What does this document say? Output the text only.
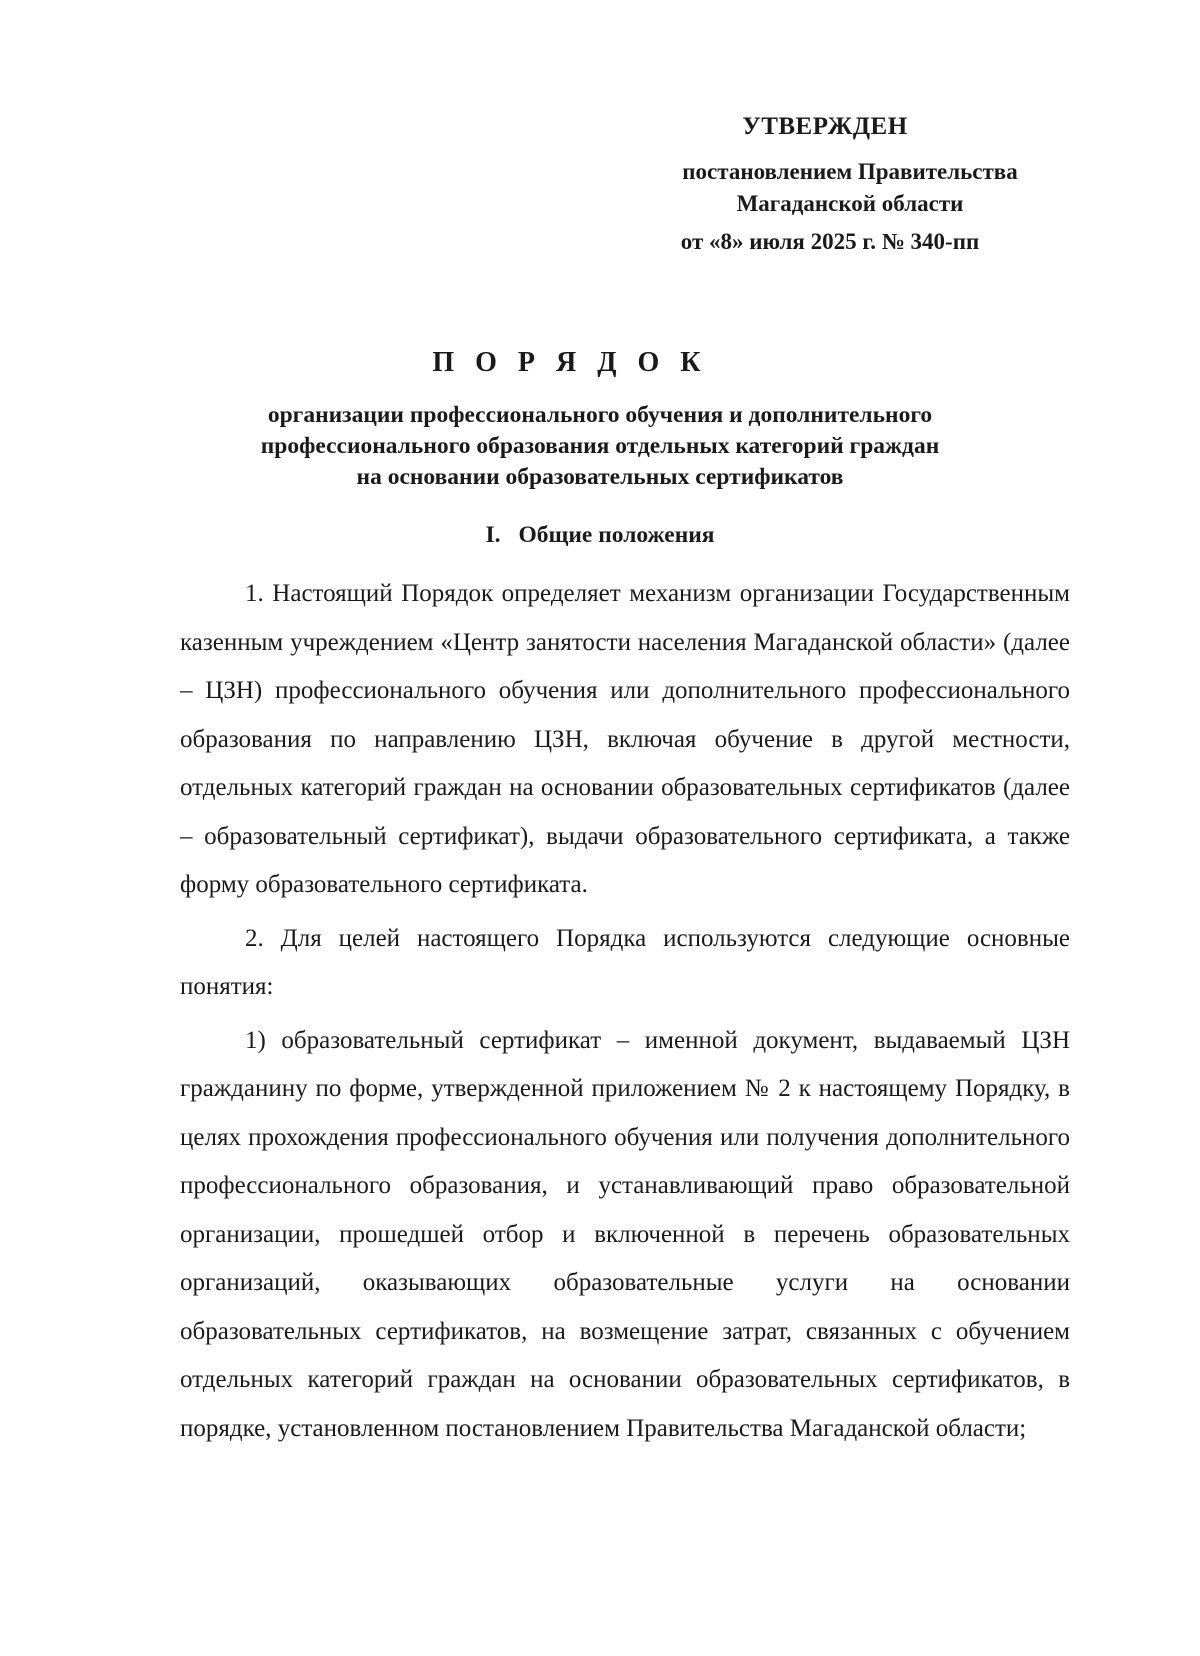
УТВЕРЖДЕН
постановлением Правительства
Магаданской области
от «8» июля 2025 г. № 340-пп
П О Р Я Д О К
организации профессионального обучения и дополнительного
профессионального образования отдельных категорий граждан
на основании образовательных сертификатов
I. Общие положения

1. Настоящий Порядок определяет механизм организации Государственным казенным учреждением «Центр занятости населения Магаданской области» (далее – ЦЗН) профессионального обучения или дополнительного профессионального образования по направлению ЦЗН, включая обучение в другой местности, отдельных категорий граждан на основании образовательных сертификатов (далее – образовательный сертификат), выдачи образовательного сертификата, а также форму образовательного сертификата.

2. Для целей настоящего Порядка используются следующие основные понятия:

1) образовательный сертификат – именной документ, выдаваемый ЦЗН гражданину по форме, утвержденной приложением № 2 к настоящему Порядку, в целях прохождения профессионального обучения или получения дополнительного профессионального образования, и устанавливающий право образовательной организации, прошедшей отбор и включенной в перечень образовательных организаций, оказывающих образовательные услуги на основании образовательных сертификатов, на возмещение затрат, связанных с обучением отдельных категорий граждан на основании образовательных сертификатов, в порядке, установленном постановлением Правительства Магаданской области;
